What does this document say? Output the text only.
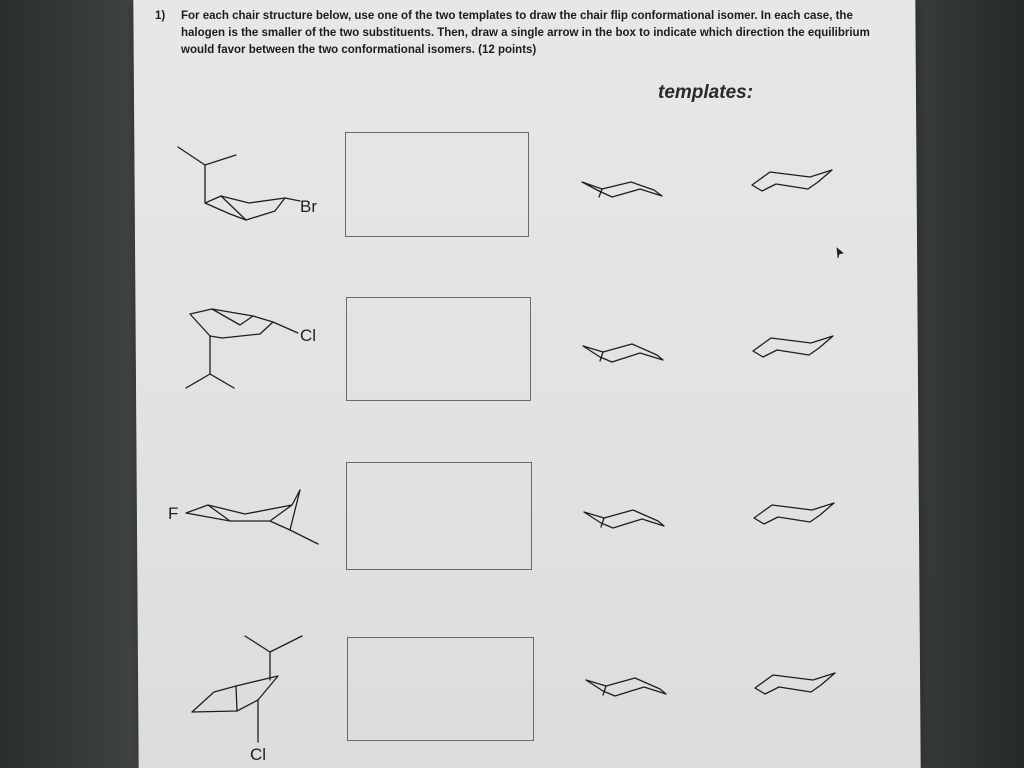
1) For each chair structure below, use one of the two templates to draw the chair flip conformational isomer. In each case, the halogen is the smaller of the two substituents. Then, draw a single arrow in the box to indicate which direction the equilibrium would favor between the two conformational isomers. (12 points)
templates:
Br
Cl
F
Cl
